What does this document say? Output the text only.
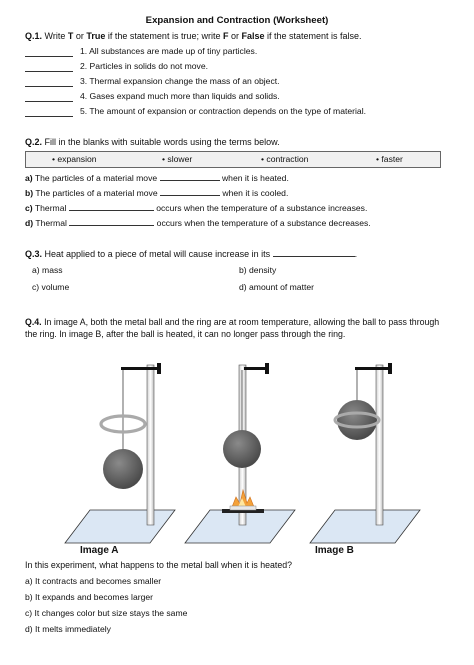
Expansion and Contraction (Worksheet)
Q.1. Write T or True if the statement is true; write F or False if the statement is false.
1. All substances are made up of tiny particles.
2. Particles in solids do not move.
3. Thermal expansion change the mass of an object.
4. Gases expand much more than liquids and solids.
5. The amount of expansion or contraction depends on the type of material.
Q.2. Fill in the blanks with suitable words using the terms below.
• expansion	• slower	• contraction	• faster
a) The particles of a material move	when it is heated.
b) The particles of a material move	when it is cooled.
c) Thermal	occurs when the temperature of a substance increases.
d) Thermal	occurs when the temperature of a substance decreases.
Q.3. Heat applied to a piece of metal will cause increase in its	.
a) mass	b) density
c) volume	d) amount of matter
Q.4. In image A, both the metal ball and the ring are at room temperature, allowing the ball to pass through the ring. In image B, after the ball is heated, it can no longer pass through the ring.
Image A	Image B
In this experiment, what happens to the metal ball when it is heated?
a) It contracts and becomes smaller
b) It expands and becomes larger
c) It changes color but size stays the same
d) It melts immediately
